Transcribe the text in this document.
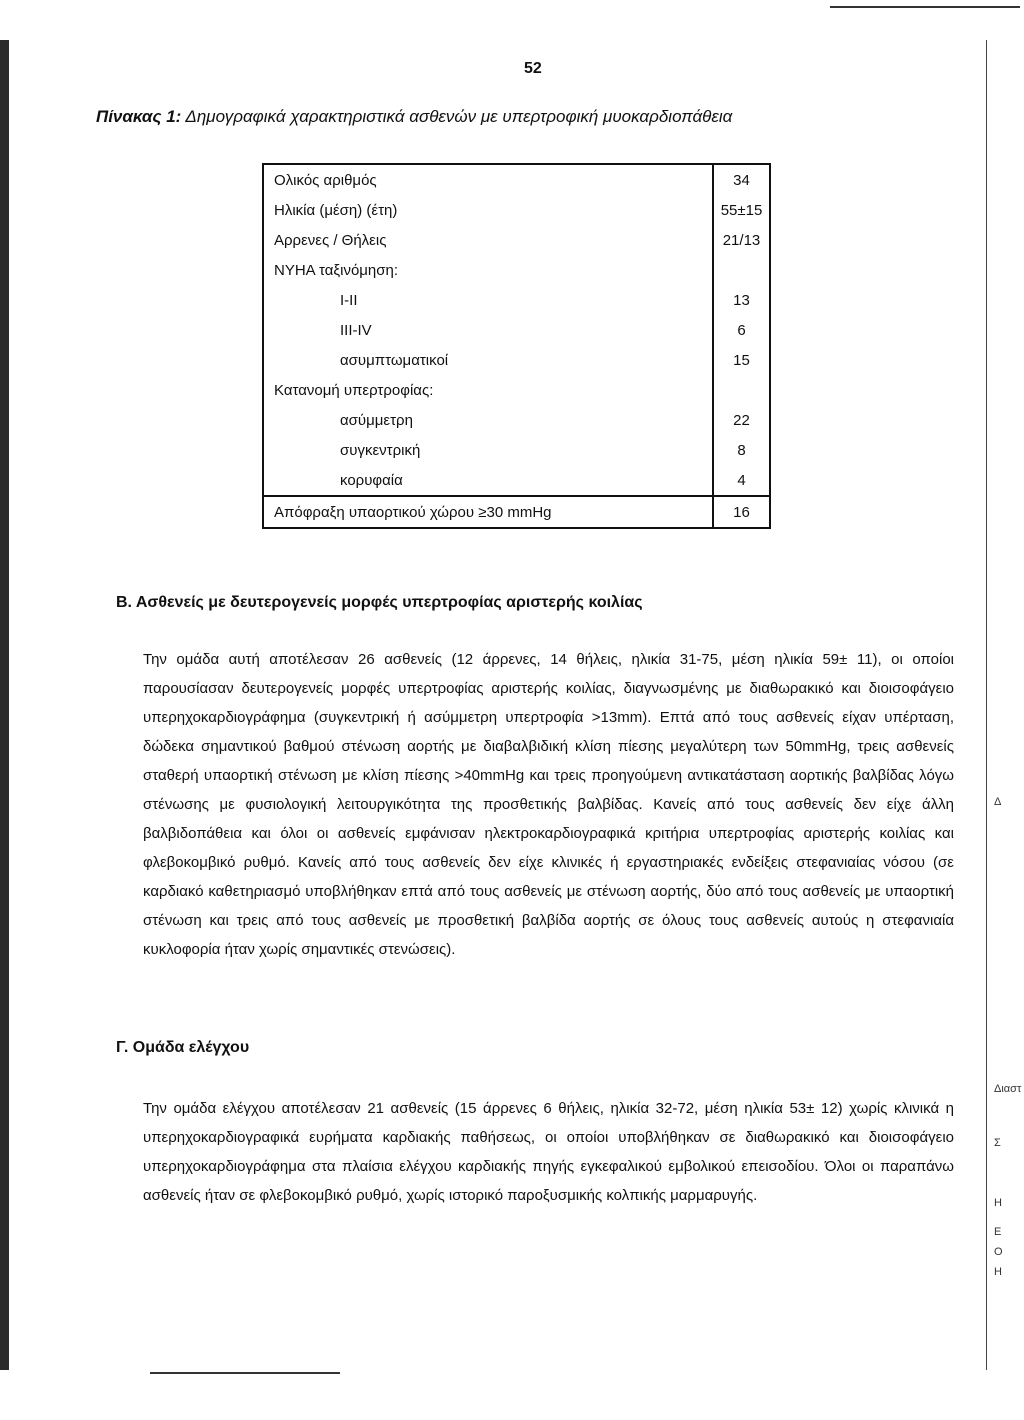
52
Πίνακας 1: Δημογραφικά χαρακτηριστικά ασθενών με υπερτροφική μυοκαρδιοπάθεια
Ολικός αριθμός	34
Ηλικία (μέση) (έτη)	55±15
Αρρενες / Θήλεις	21/13
ΝΥΗΑ ταξινόμηση:	
Ι-ΙΙ	13
ΙΙΙ-ΙV	6
ασυμπτωματικοί	15
Κατανομή υπερτροφίας:	
ασύμμετρη	22
συγκεντρική	8
κορυφαία	4
Απόφραξη υπαορτικού χώρου ≥30 mmHg	16
Β. Ασθενείς με δευτερογενείς μορφές υπερτροφίας αριστερής κοιλίας

Την ομάδα αυτή αποτέλεσαν 26 ασθενείς (12 άρρενες, 14 θήλεις, ηλικία 31-75, μέση ηλικία 59± 11), οι οποίοι παρουσίασαν δευτερογενείς μορφές υπερτροφίας αριστερής κοιλίας, διαγνωσμένης με διαθωρακικό και διοισοφάγειο υπερηχοκαρδιογράφημα (συγκεντρική ή ασύμμετρη υπερτροφία >13mm). Επτά από τους ασθενείς είχαν υπέρταση, δώδεκα σημαντικού βαθμού στένωση αορτής με διαβαλβιδική κλίση πίεσης μεγαλύτερη των 50mmHg, τρεις ασθενείς σταθερή υπαορτική στένωση με κλίση πίεσης >40mmHg και τρεις προηγούμενη αντικατάσταση αορτικής βαλβίδας λόγω στένωσης με φυσιολογική λειτουργικότητα της προσθετικής βαλβίδας. Κανείς από τους ασθενείς δεν είχε άλλη βαλβιδοπάθεια και όλοι οι ασθενείς εμφάνισαν ηλεκτροκαρδιογραφικά κριτήρια υπερτροφίας αριστερής κοιλίας και φλεβοκομβικό ρυθμό. Κανείς από τους ασθενείς δεν είχε κλινικές ή εργαστηριακές ενδείξεις στεφανιαίας νόσου (σε καρδιακό καθετηριασμό υποβλήθηκαν επτά από τους ασθενείς με στένωση αορτής, δύο από τους ασθενείς με υπαορτική στένωση και τρεις από τους ασθενείς με προσθετική βαλβίδα αορτής σε όλους τους ασθενείς αυτούς η στεφανιαία κυκλοφορία ήταν χωρίς σημαντικές στενώσεις).

Γ. Ομάδα ελέγχου

Την ομάδα ελέγχου αποτέλεσαν 21 ασθενείς (15 άρρενες 6 θήλεις, ηλικία 32-72, μέση ηλικία 53± 12) χωρίς κλινικά η υπερηχοκαρδιογραφικά ευρήματα καρδιακής παθήσεως, οι οποίοι υποβλήθηκαν σε διαθωρακικό και διοισοφάγειο υπερηχοκαρδιογράφημα στα πλαίσια ελέγχου καρδιακής πηγής εγκεφαλικού εμβολικού επεισοδίου. Όλοι οι παραπάνω ασθενείς ήταν σε φλεβοκομβικό ρυθμό, χωρίς ιστορικό παροξυσμικής κολπικής μαρμαρυγής.

Δ
Διαστ
Σ
Η
Ε
Ο
Η
